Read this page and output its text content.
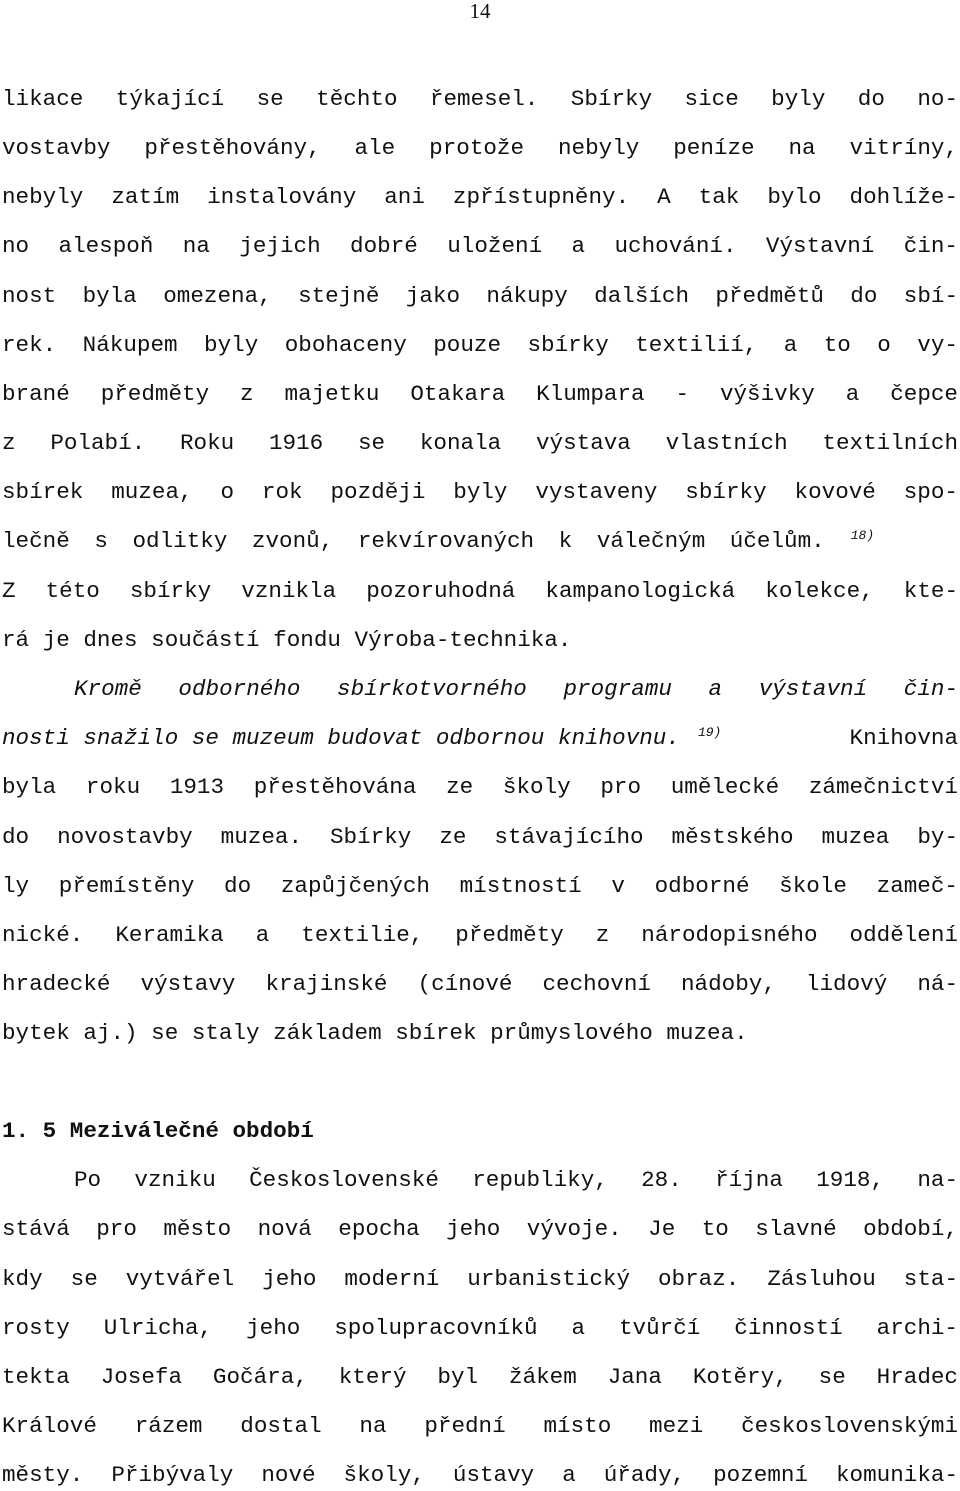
14

likace týkající se těchto řemesel. Sbírky sice byly do no-

vostavby přestěhovány, ale protože nebyly peníze na vitríny,

nebyly zatím instalovány ani zpřístupněny. A tak bylo dohlíže-

no alespoň na jejich dobré uložení a uchování. Výstavní čin-

nost byla omezena, stejně jako nákupy dalších předmětů do sbí-

rek. Nákupem byly obohaceny pouze sbírky textilií, a to o vy-

brané předměty z majetku Otakara Klumpara - výšivky a čepce

z Polabí. Roku 1916 se konala výstava vlastních textilních

sbírek muzea, o rok později byly vystaveny sbírky kovové spo-

lečně s odlitky zvonů, rekvírovaných k válečným účelům. $^{18)}$

Z této sbírky vznikla pozoruhodná kampanologická kolekce, kte-

rá je dnes součástí fondu Výroba-technika.

Kromě odborného sbírkotvorného programu a výstavní čin-

nosti snažilo se muzeum budovat odbornou knihovnu. $^{19)}$	Knihovna

byla roku 1913 přestěhována ze školy pro umělecké zámečnictví

do novostavby muzea. Sbírky ze stávajícího městského muzea by-

ly přemístěny do zapůjčených místností v odborné škole zameč-

nické. Keramika a textilie, předměty z národopisného oddělení

hradecké výstavy krajinské (cínové cechovní nádoby, lidový ná-

bytek aj.) se staly základem sbírek průmyslového muzea.

1. 5 Meziválečné období

Po vzniku Československé republiky, 28. října 1918, na-

stává pro město nová epocha jeho vývoje. Je to slavné období,

kdy se vytvářel jeho moderní urbanistický obraz. Zásluhou sta-

rosty Ulricha, jeho spolupracovníků a tvůrčí činností archi-

tekta Josefa Gočára, který byl žákem Jana Kotěry, se Hradec

Králové rázem dostal na přední místo mezi československými

městy. Přibývaly nové školy, ústavy a úřady, pozemní komunika-
